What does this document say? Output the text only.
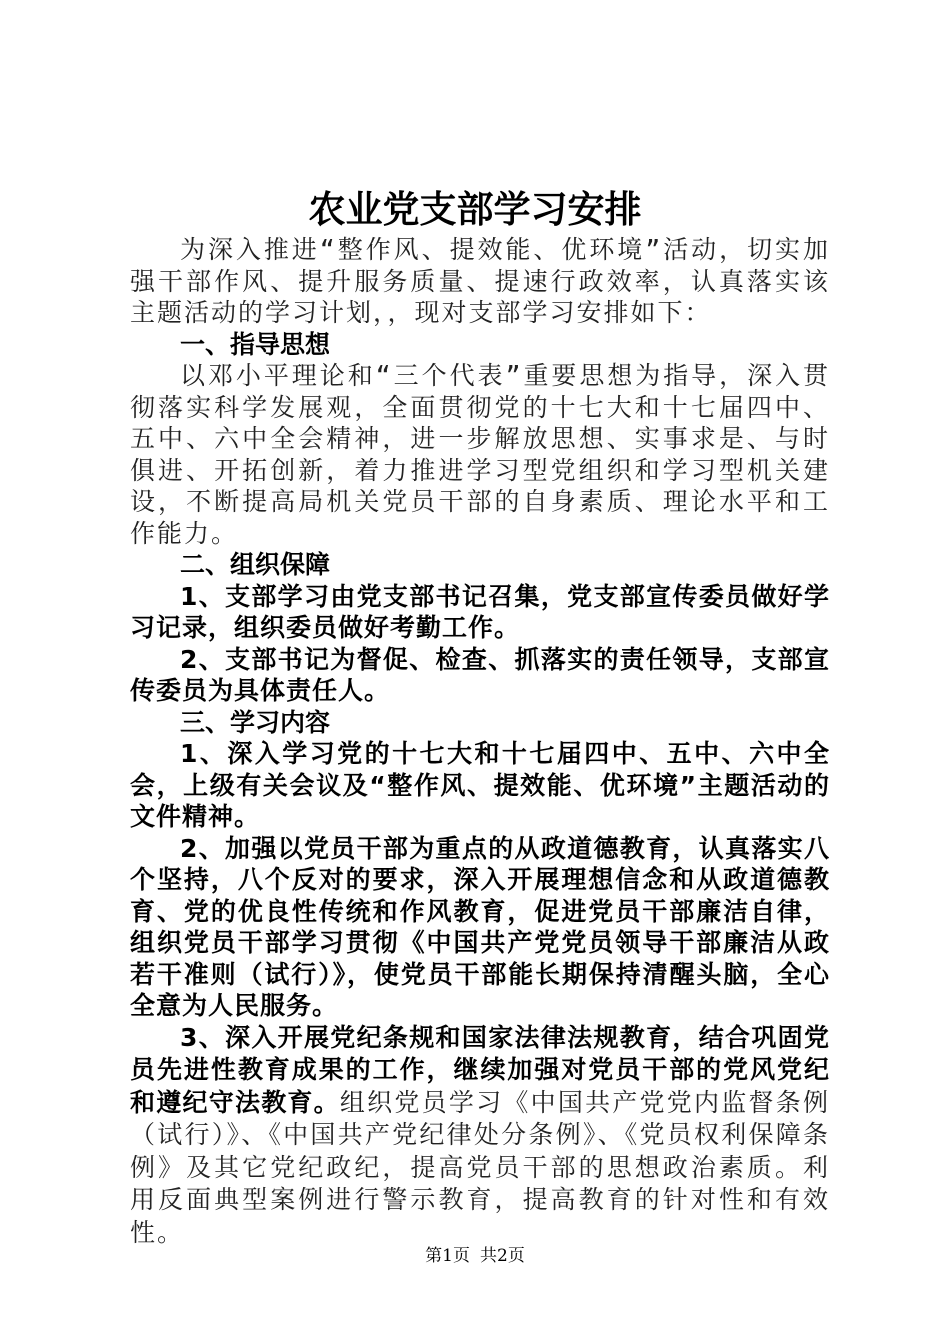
农业党支部学习安排

为深入推进“整作风、提效能、优环境”活动，切实加强干部作风、提升服务质量、提速行政效率，认真落实该主题活动的学习计划，，现对支部学习安排如下：

一、指导思想

以邓小平理论和“三个代表”重要思想为指导，深入贯彻落实科学发展观，全面贯彻党的十七大和十七届四中、五中、六中全会精神，进一步解放思想、实事求是、与时俱进、开拓创新，着力推进学习型党组织和学习型机关建设，不断提高局机关党员干部的自身素质、理论水平和工作能力。

二、组织保障

1、支部学习由党支部书记召集，党支部宣传委员做好学习记录，组织委员做好考勤工作。

2、支部书记为督促、检查、抓落实的责任领导，支部宣传委员为具体责任人。

三、学习内容

1、深入学习党的十七大和十七届四中、五中、六中全会，上级有关会议及“整作风、提效能、优环境”主题活动的文件精神。

2、加强以党员干部为重点的从政道德教育，认真落实八个坚持，八个反对的要求，深入开展理想信念和从政道德教育、党的优良性传统和作风教育，促进党员干部廉洁自律，组织党员干部学习贯彻《中国共产党党员领导干部廉洁从政若干准则（试行）》，使党员干部能长期保持清醒头脑，全心全意为人民服务。

3、深入开展党纪条规和国家法律法规教育，结合巩固党员先进性教育成果的工作，继续加强对党员干部的党风党纪和遵纪守法教育。组织党员学习《中国共产党党内监督条例（试行）》、《中国共产党纪律处分条例》、《党员权利保障条例》及其它党纪政纪，提高党员干部的思想政治素质。利用反面典型案例进行警示教育，提高教育的针对性和有效性。

第1页 共2页
